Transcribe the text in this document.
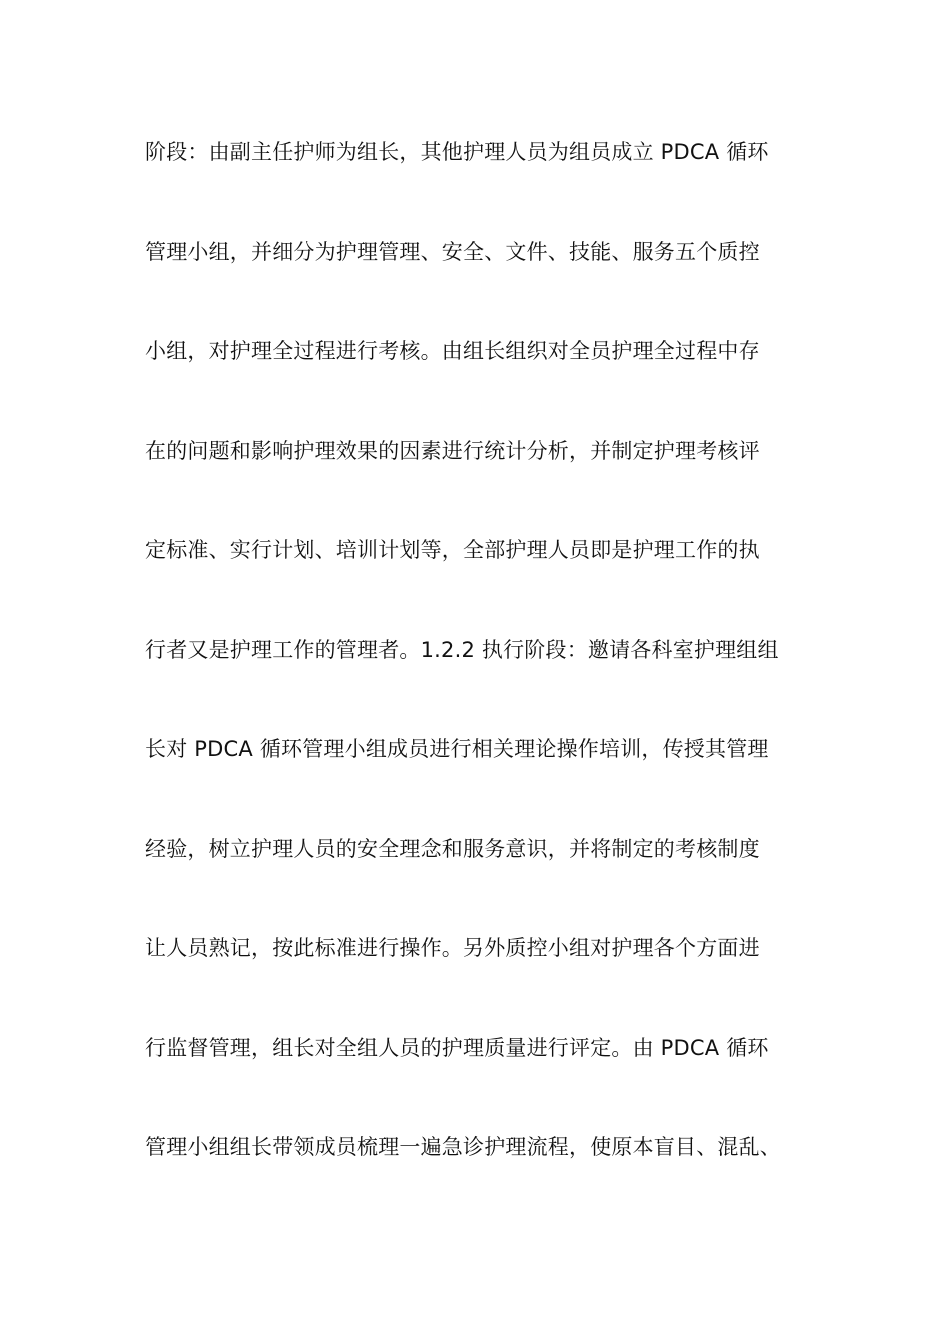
阶段：由副主任护师为组长，其他护理人员为组员成立 PDCA 循环
管理小组，并细分为护理管理、安全、文件、技能、服务五个质控
小组，对护理全过程进行考核。由组长组织对全员护理全过程中存
在的问题和影响护理效果的因素进行统计分析，并制定护理考核评
定标准、实行计划、培训计划等，全部护理人员即是护理工作的执
行者又是护理工作的管理者。1.2.2 执行阶段：邀请各科室护理组组
长对 PDCA 循环管理小组成员进行相关理论操作培训，传授其管理
经验，树立护理人员的安全理念和服务意识，并将制定的考核制度
让人员熟记，按此标准进行操作。另外质控小组对护理各个方面进
行监督管理，组长对全组人员的护理质量进行评定。由 PDCA 循环
管理小组组长带领成员梳理一遍急诊护理流程，使原本盲目、混乱、
